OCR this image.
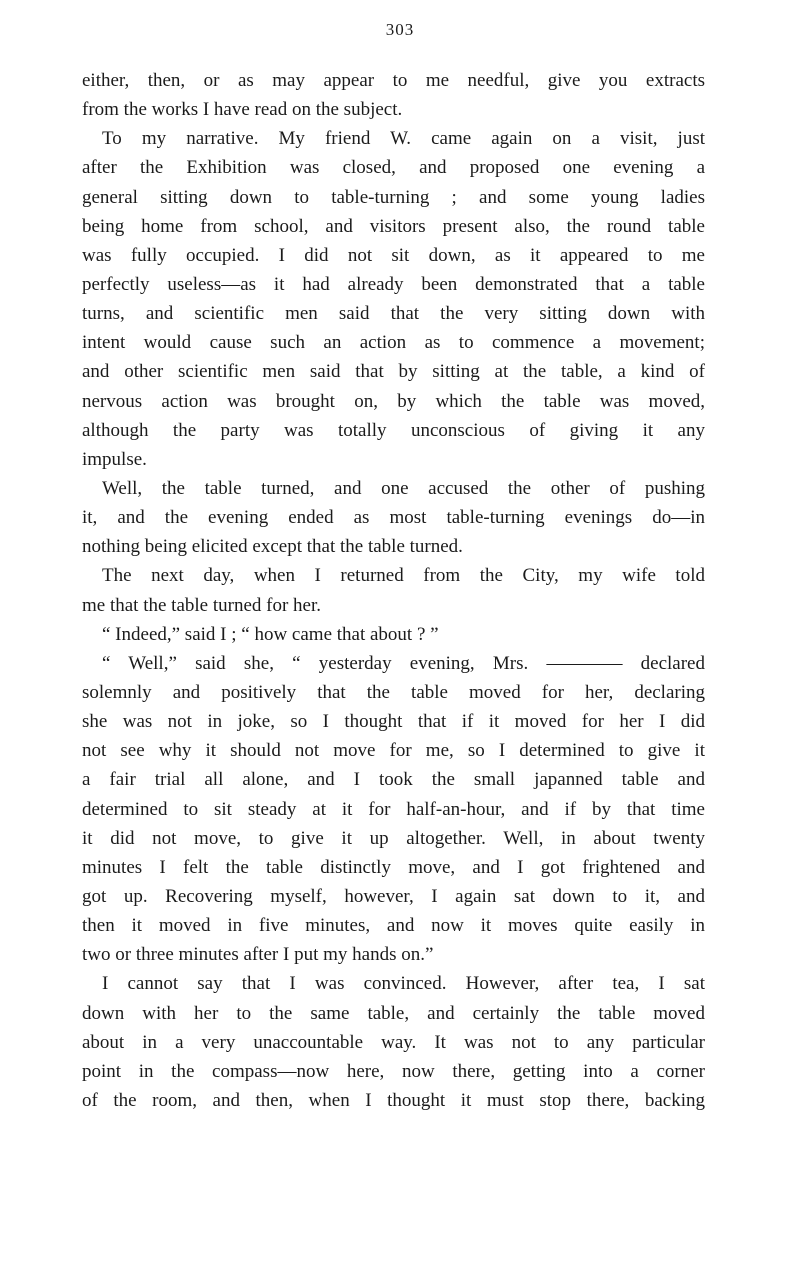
303
either, then, or as may appear to me needful, give you extracts
from the works I have read on the subject.
To my narrative. My friend W. came again on a visit, just
after the Exhibition was closed, and proposed one evening a
general sitting down to table-turning ; and some young ladies
being home from school, and visitors present also, the round table
was fully occupied. I did not sit down, as it appeared to me
perfectly useless—as it had already been demonstrated that a table
turns, and scientific men said that the very sitting down with
intent would cause such an action as to commence a movement;
and other scientific men said that by sitting at the table, a kind of
nervous action was brought on, by which the table was moved,
although the party was totally unconscious of giving it any
impulse.
Well, the table turned, and one accused the other of pushing
it, and the evening ended as most table-turning evenings do—in
nothing being elicited except that the table turned.
The next day, when I returned from the City, my wife told
me that the table turned for her.
“ Indeed,” said I ; “ how came that about ? ”
“ Well,” said she, “ yesterday evening, Mrs. ———— declared
solemnly and positively that the table moved for her, declaring
she was not in joke, so I thought that if it moved for her I did
not see why it should not move for me, so I determined to give it
a fair trial all alone, and I took the small japanned table and
determined to sit steady at it for half-an-hour, and if by that time
it did not move, to give it up altogether. Well, in about twenty
minutes I felt the table distinctly move, and I got frightened and
got up. Recovering myself, however, I again sat down to it, and
then it moved in five minutes, and now it moves quite easily in
two or three minutes after I put my hands on.”
I cannot say that I was convinced. However, after tea, I sat
down with her to the same table, and certainly the table moved
about in a very unaccountable way. It was not to any particular
point in the compass—now here, now there, getting into a corner
of the room, and then, when I thought it must stop there, backing
